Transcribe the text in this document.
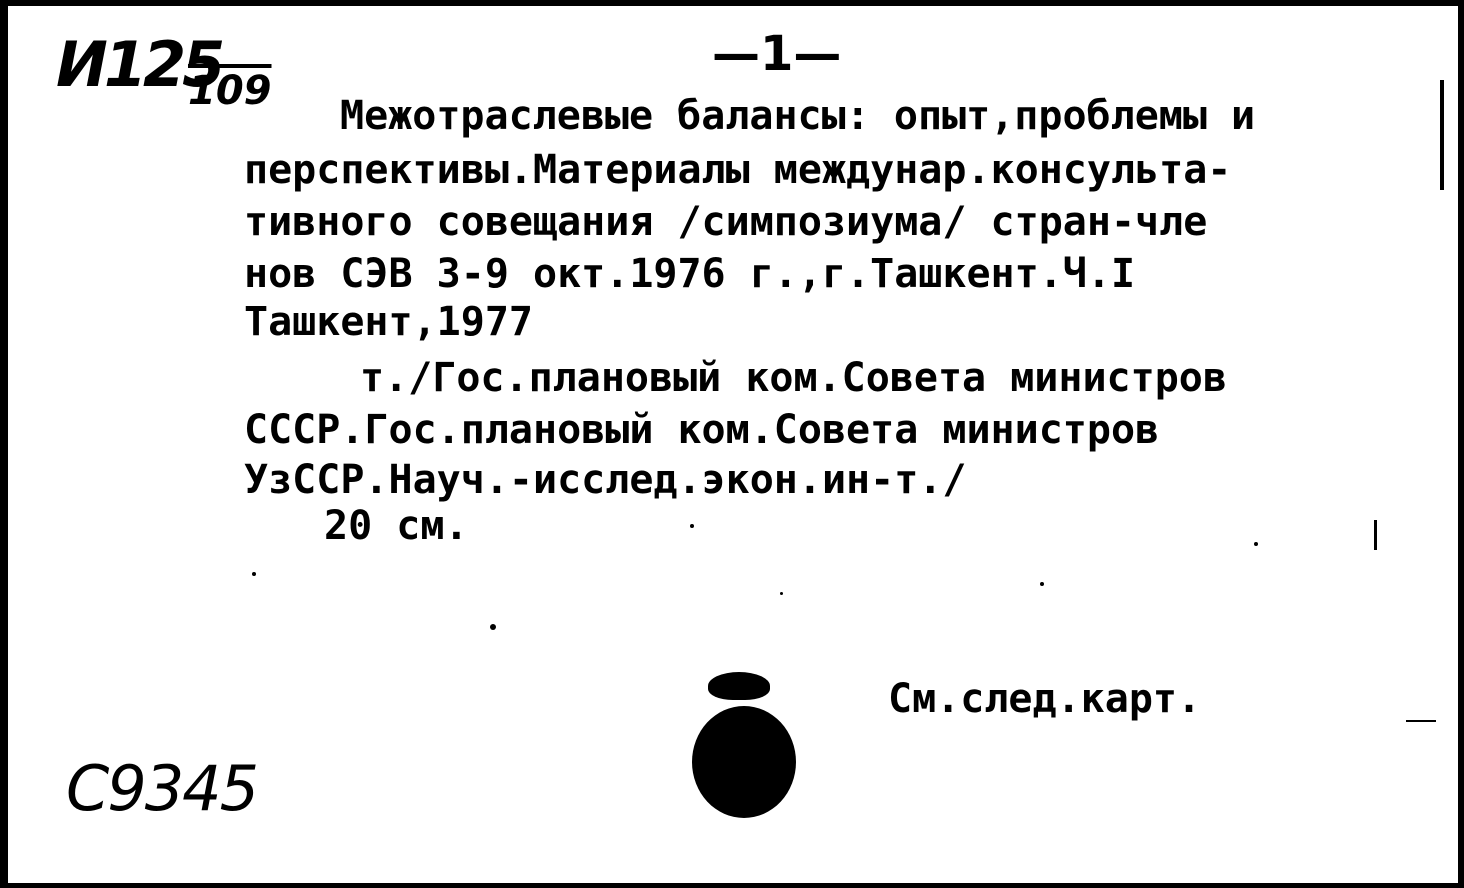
И125
109
—1—
Межотраслевые балансы: опыт,проблемы и
перспективы.Материалы междунар.консульта-
тивного совещания /симпозиума/ стран-чле
нов СЭВ 3-9 окт.1976 г.,г.Ташкент.Ч.I
Ташкент,1977
т./Гос.плановый ком.Совета министров
СССР.Гос.плановый ком.Совета министров
УзССР.Науч.-исслед.экон.ин-т./
20 см.
См.след.карт.
C9345
